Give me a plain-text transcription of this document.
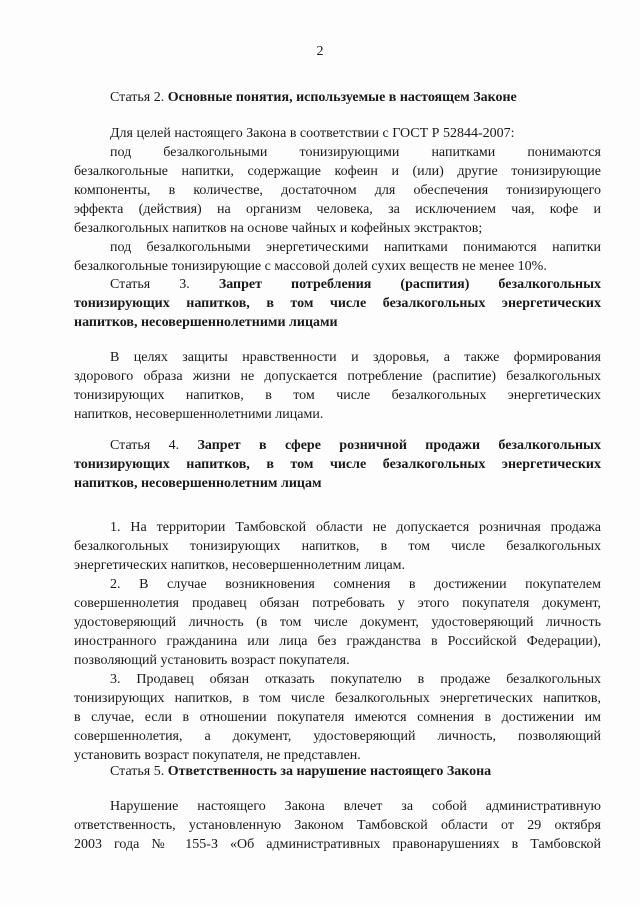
2
Статья 2. Основные понятия, используемые в настоящем Законе
Для целей настоящего Закона в соответствии с ГОСТ Р 52844-2007:
под безалкогольными тонизирующими напитками понимаются
безалкогольные напитки, содержащие кофеин и (или) другие тонизирующие
компоненты, в количестве, достаточном для обеспечения тонизирующего
эффекта (действия) на организм человека, за исключением чая, кофе и
безалкогольных напитков на основе чайных и кофейных экстрактов;
под безалкогольными энергетическими напитками понимаются напитки
безалкогольные тонизирующие с массовой долей сухих веществ не менее 10%.
Статья 3. Запрет потребления (распития) безалкогольных
тонизирующих напитков, в том числе безалкогольных энергетических
напитков, несовершеннолетними лицами
В целях защиты нравственности и здоровья, а также формирования
здорового образа жизни не допускается потребление (распитие) безалкогольных
тонизирующих напитков, в том числе безалкогольных энергетических
напитков, несовершеннолетними лицами.
Статья 4. Запрет в сфере розничной продажи безалкогольных
тонизирующих напитков, в том числе безалкогольных энергетических
напитков, несовершеннолетним лицам
1. На территории Тамбовской области не допускается розничная продажа
безалкогольных тонизирующих напитков, в том числе безалкогольных
энергетических напитков, несовершеннолетним лицам.
2. В случае возникновения сомнения в достижении покупателем
совершеннолетия продавец обязан потребовать у этого покупателя документ,
удостоверяющий личность (в том числе документ, удостоверяющий личность
иностранного гражданина или лица без гражданства в Российской Федерации),
позволяющий установить возраст покупателя.
3. Продавец обязан отказать покупателю в продаже безалкогольных
тонизирующих напитков, в том числе безалкогольных энергетических напитков,
в случае, если в отношении покупателя имеются сомнения в достижении им
совершеннолетия, а документ, удостоверяющий личность, позволяющий
установить возраст покупателя, не представлен.
Статья 5. Ответственность за нарушение настоящего Закона
Нарушение настоящего Закона влечет за собой административную
ответственность, установленную Законом Тамбовской области от 29 октября
2003 года № 155-З «Об административных правонарушениях в Тамбовской
